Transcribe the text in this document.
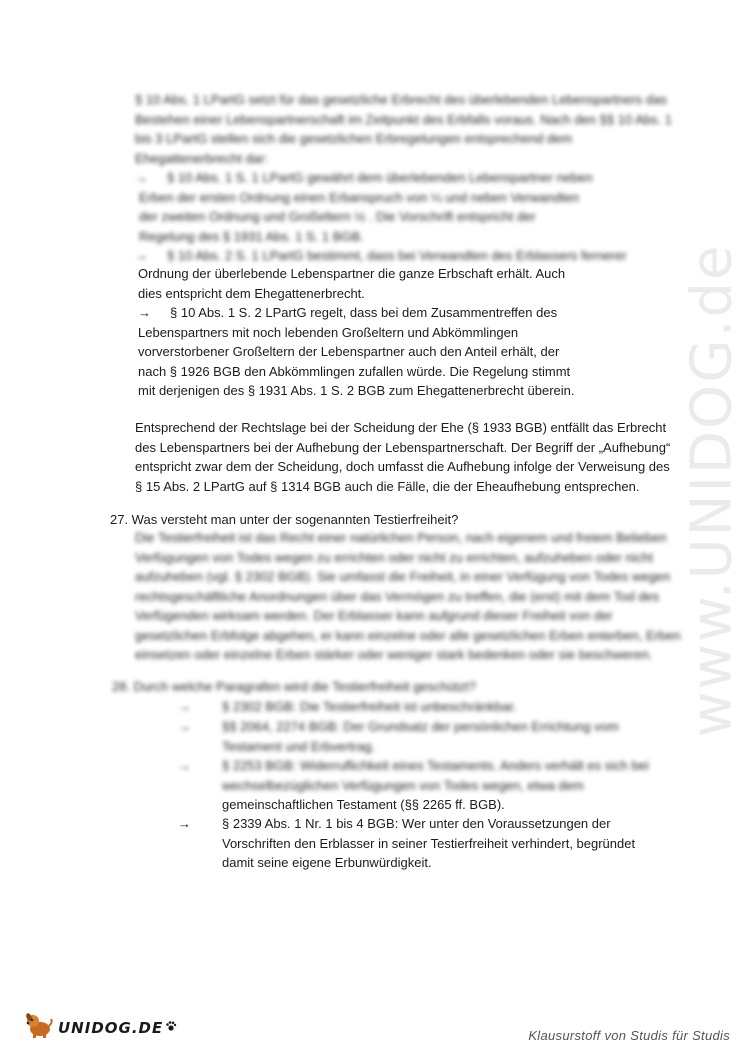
www.UNIDOG.de

§ 10 Abs. 1 LPartG setzt für das gesetzliche Erbrecht des überlebenden Lebenspartners das

Bestehen einer Lebenspartnerschaft im Zeitpunkt des Erbfalls voraus. Nach den §§ 10 Abs. 1

bis 3 LPartG stellen sich die gesetzlichen Erbregelungen entsprechend dem

Ehegattenerbrecht dar:

→ § 10 Abs. 1 S. 1 LPartG gewährt dem überlebenden Lebenspartner neben

Erben der ersten Ordnung einen Erbanspruch von ¼ und neben Verwandten

der zweiten Ordnung und Großeltern ½ . Die Vorschrift entspricht der

Regelung des § 1931 Abs. 1 S. 1 BGB.

→ § 10 Abs. 2 S. 1 LPartG bestimmt, dass bei Verwandten des Erblassers fernerer

Ordnung der überlebende Lebenspartner die ganze Erbschaft erhält. Auch

dies entspricht dem Ehegattenerbrecht.

→ § 10 Abs. 1 S. 2 LPartG regelt, dass bei dem Zusammentreffen des

Lebenspartners mit noch lebenden Großeltern und Abkömmlingen

vorverstorbener Großeltern der Lebenspartner auch den Anteil erhält, der

nach § 1926 BGB den Abkömmlingen zufallen würde. Die Regelung stimmt

mit derjenigen des § 1931 Abs. 1 S. 2 BGB zum Ehegattenerbrecht überein.

Entsprechend der Rechtslage bei der Scheidung der Ehe (§ 1933 BGB) entfällt das Erbrecht

des Lebenspartners bei der Aufhebung der Lebenspartnerschaft. Der Begriff der „Aufhebung“

entspricht zwar dem der Scheidung, doch umfasst die Aufhebung infolge der Verweisung des

§ 15 Abs. 2 LPartG auf § 1314 BGB auch die Fälle, die der Eheaufhebung entsprechen.

27. Was versteht man unter der sogenannten Testierfreiheit?

Die Testierfreiheit ist das Recht einer natürlichen Person, nach eigenem und freiem Belieben

Verfügungen von Todes wegen zu errichten oder nicht zu errichten, aufzuheben oder nicht

aufzuheben (vgl. § 2302 BGB). Sie umfasst die Freiheit, in einer Verfügung von Todes wegen

rechtsgeschäftliche Anordnungen über das Vermögen zu treffen, die (erst) mit dem Tod des

Verfügenden wirksam werden. Der Erblasser kann aufgrund dieser Freiheit von der

gesetzlichen Erbfolge abgehen, er kann einzelne oder alle gesetzlichen Erben enterben, Erben

einsetzen oder einzelne Erben stärker oder weniger stark bedenken oder sie beschweren.

28. Durch welche Paragrafen wird die Testierfreiheit geschützt?

→ § 2302 BGB: Die Testierfreiheit ist unbeschränkbar.

→ §§ 2064, 2274 BGB: Der Grundsatz der persönlichen Errichtung vom

Testament und Erbvertrag.

→ § 2253 BGB: Widerruflichkeit eines Testaments. Anders verhält es sich bei

wechselbezüglichen Verfügungen von Todes wegen, etwa dem

gemeinschaftlichen Testament (§§ 2265 ff. BGB).

→ § 2339 Abs. 1 Nr. 1 bis 4 BGB: Wer unter den Voraussetzungen der

Vorschriften den Erblasser in seiner Testierfreiheit verhindert, begründet

damit seine eigene Erbunwürdigkeit.

UNIDOG.DE	Klausurstoff von Studis für Studis
